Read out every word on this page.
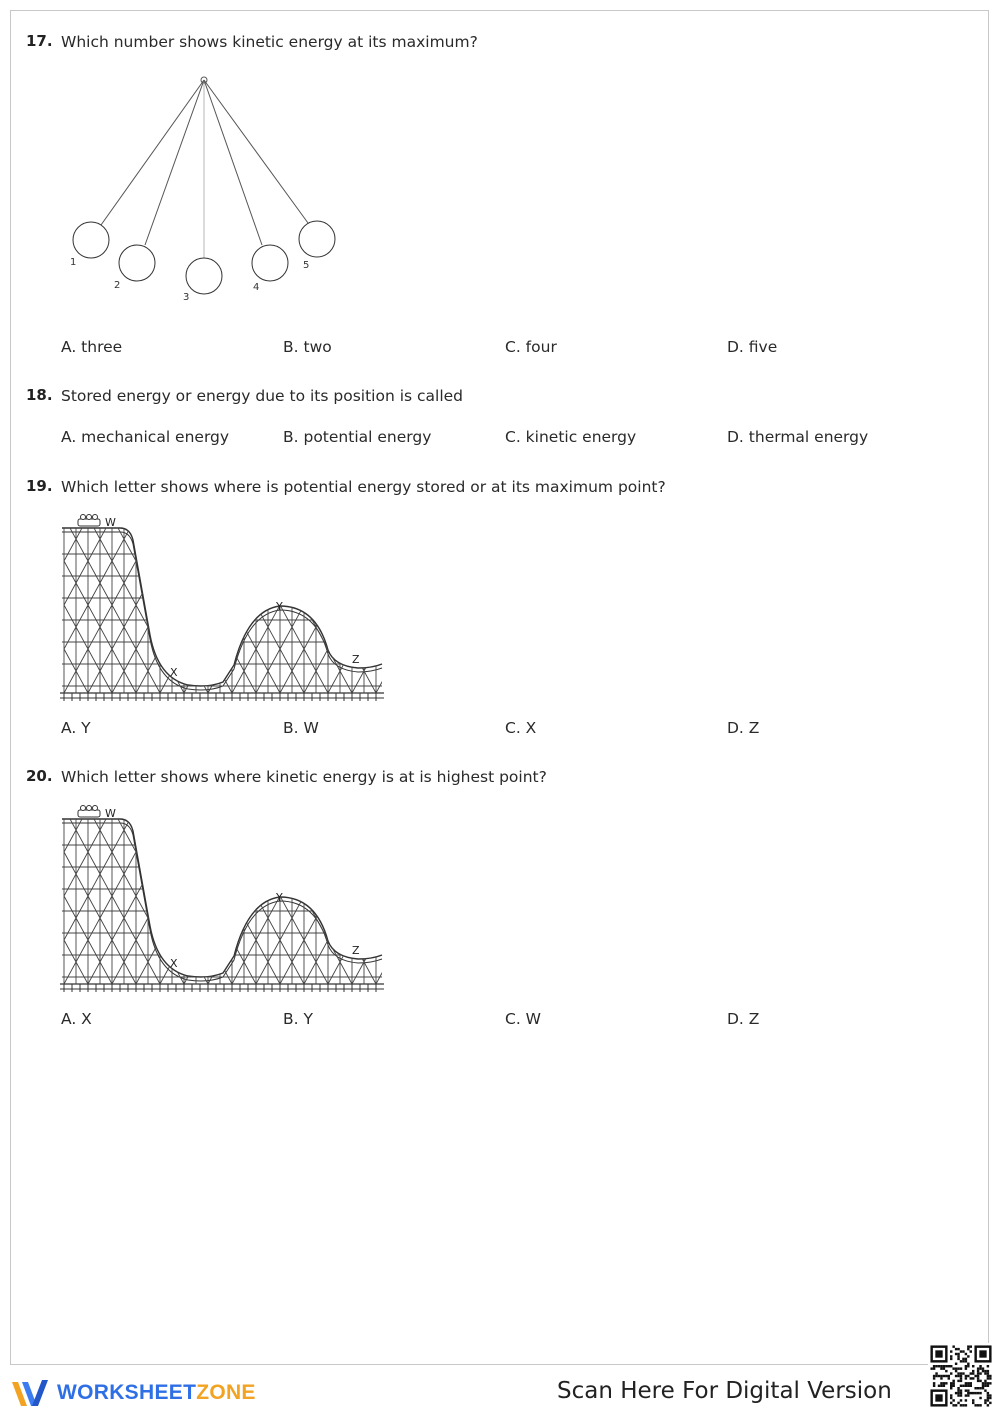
17. Which number shows kinetic energy at its maximum?
1
2
3
4
5
A. three	B. two	C. four	D. five
18. Stored energy or energy due to its position is called
A. mechanical energy	B. potential energy	C. kinetic energy	D. thermal energy
19. Which letter shows where is potential energy stored or at its maximum point?
W
X
Y
Z
A. Y	B. W	C. X	D. Z
20. Which letter shows where kinetic energy is at is highest point?
W
X
Y
Z
A. X	B. Y	C. W	D. Z
WORKSHEETZONE	Scan Here For Digital Version
